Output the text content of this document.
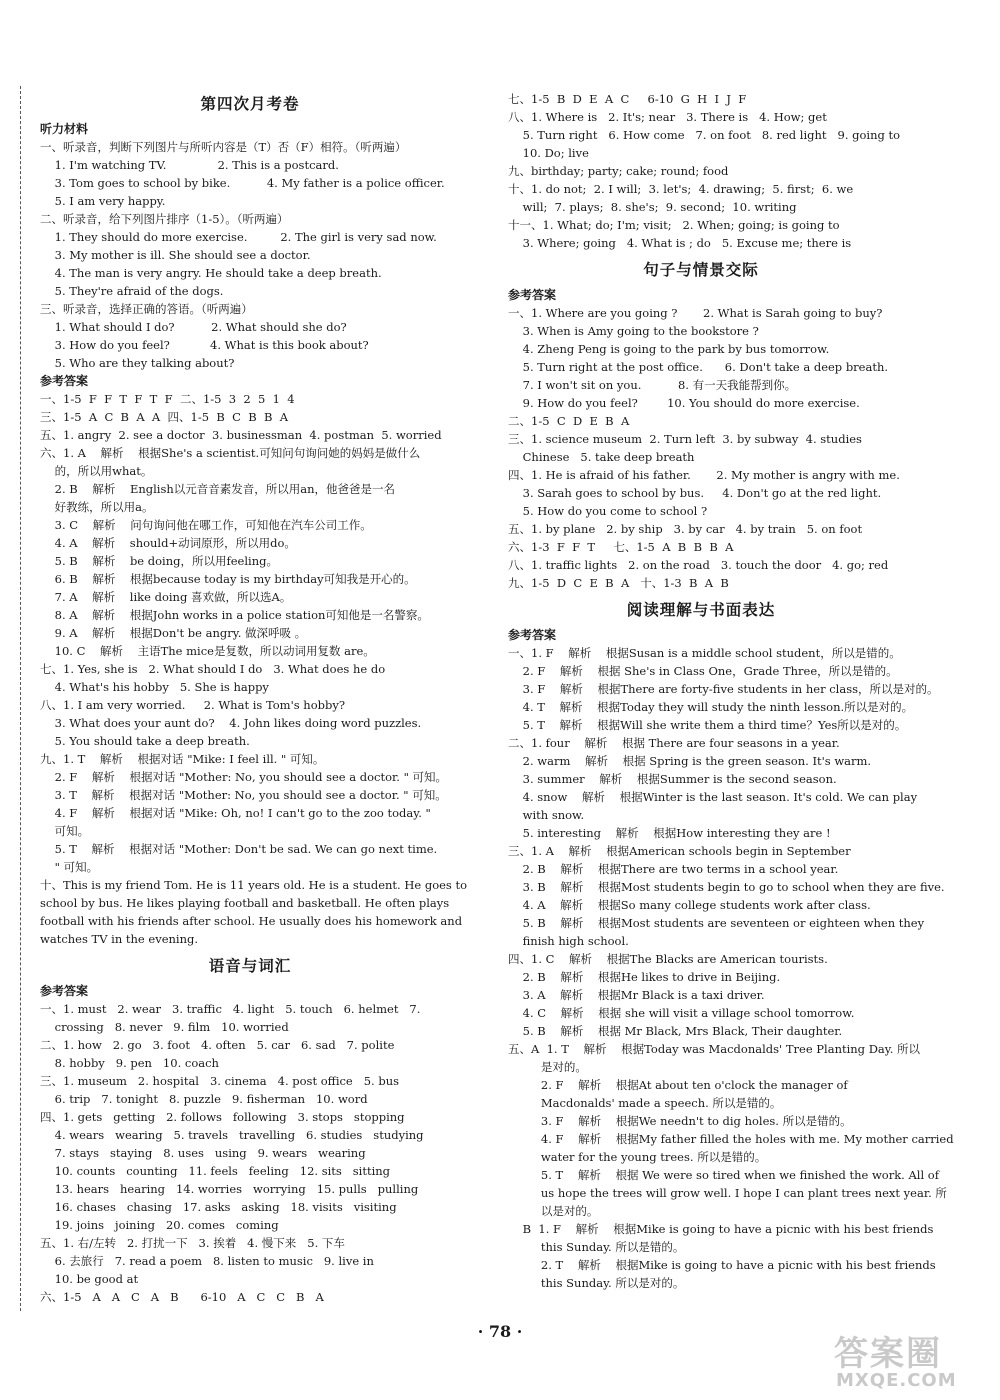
第四次月考卷
听力材料
一、听录音，判断下列图片与所听内容是（T）否（F）相符。（听两遍）
1. I'm watching TV.              2. This is a postcard.
3. Tom goes to school by bike.          4. My father is a police officer.
5. I am very happy.
二、听录音，给下列图片排序（1-5）。（听两遍）
1. They should do more exercise.         2. The girl is very sad now.
3. My mother is ill. She should see a doctor.
4. The man is very angry. He should take a deep breath.
5. They're afraid of the dogs.
三、听录音，选择正确的答语。（听两遍）
1. What should I do?          2. What should she do?
3. How do you feel?           4. What is this book about?
5. Who are they talking about?
参考答案
一、1-5  F  F  T  F  T  F  二、1-5  3  2  5  1  4
三、1-5  A  C  B  A  A  四、1-5  B  C  B  B  A
五、1. angry  2. see a doctor  3. businessman  4. postman  5. worried
六、1. A    解析    根据She's a scientist.可知问句询问她的妈妈是做什么
的，所以用what。
2. B    解析    English以元音音素发音，所以用an，他爸爸是一名
好教练，所以用a。
3. C    解析    问句询问他在哪工作，可知他在汽车公司工作。
4. A    解析    should+动词原形，所以用do。
5. B    解析    be doing，所以用feeling。
6. B    解析    根据because today is my birthday可知我是开心的。
7. A    解析    like doing 喜欢做，所以选A。
8. A    解析    根据John works in a police station可知他是一名警察。
9. A    解析    根据Don't be angry. 做深呼吸 。
10. C    解析    主语The mice是复数，所以动词用复数 are。
七、1. Yes, she is   2. What should I do   3. What does he do
4. What's his hobby   5. She is happy
八、1. I am very worried.     2. What is Tom's hobby?
3. What does your aunt do?    4. John likes doing word puzzles.
5. You should take a deep breath.
九、1. T    解析    根据对话 "Mike: I feel ill. " 可知。
2. F    解析    根据对话 "Mother: No, you should see a doctor. " 可知。
3. T    解析    根据对话 "Mother: No, you should see a doctor. " 可知。
4. F    解析    根据对话 "Mike: Oh, no! I can't go to the zoo today. "
可知。
5. T    解析    根据对话 "Mother: Don't be sad. We can go next time.
" 可知。
十、This is my friend Tom. He is 11 years old. He is a student. He goes to
school by bus. He likes playing football and basketball. He often plays
football with his friends after school. He usually does his homework and
watches TV in the evening.
语音与词汇
参考答案
一、1. must   2. wear   3. traffic   4. light   5. touch   6. helmet   7.
crossing   8. never   9. film   10. worried
二、1. how   2. go   3. foot   4. often   5. car   6. sad   7. polite
8. hobby   9. pen   10. coach
三、1. museum   2. hospital   3. cinema   4. post office   5. bus
6. trip   7. tonight   8. puzzle   9. fisherman   10. word
四、1. gets   getting   2. follows   following   3. stops   stopping
4. wears   wearing   5. travels   travelling   6. studies   studying
7. stays   staying   8. uses   using   9. wears   wearing
10. counts   counting   11. feels   feeling   12. sits   sitting
13. hears   hearing   14. worries   worrying   15. pulls   pulling
16. chases   chasing   17. asks   asking   18. visits   visiting
19. joins   joining   20. comes   coming
五、1. 右/左转   2. 打扰一下   3. 挨着   4. 慢下来   5. 下车
6. 去旅行   7. read a poem   8. listen to music   9. live in
10. be good at
六、1-5   A   A   C   A   B      6-10   A   C   C   B   A
七、1-5  B  D  E  A  C     6-10  G  H  I  J  F
八、1. Where is   2. It's; near   3. There is   4. How; get
5. Turn right   6. How come   7. on foot   8. red light   9. going to
10. Do; live
九、birthday; party; cake; round; food
十、1. do not;  2. I will;  3. let's;  4. drawing;  5. first;  6. we
will;  7. plays;  8. she's;  9. second;  10. writing
十一、1. What; do; I'm; visit;   2. When; going; is going to
3. Where; going   4. What is ; do   5. Excuse me; there is
句子与情景交际
参考答案
一、1. Where are you going ?       2. What is Sarah going to buy?
3. When is Amy going to the bookstore ?
4. Zheng Peng is going to the park by bus tomorrow.
5. Turn right at the post office.      6. Don't take a deep breath.
7. I won't sit on you.          8. 有一天我能帮到你。
9. How do you feel?        10. You should do more exercise.
二、1-5  C  D  E  B  A
三、1. science museum  2. Turn left  3. by subway  4. studies
Chinese   5. take deep breath
四、1. He is afraid of his father.       2. My mother is angry with me.
3. Sarah goes to school by bus.     4. Don't go at the red light.
5. How do you come to school ?
五、1. by plane   2. by ship   3. by car   4. by train   5. on foot
六、1-3  F  F  T     七、1-5  A  B  B  B  A
八、1. traffic lights   2. on the road   3. touch the door   4. go; red
九、1-5  D  C  E  B  A   十、1-3  B  A  B
阅读理解与书面表达
参考答案
一、1. F    解析    根据Susan is a middle school student，所以是错的。
2. F    解析    根据 She's in Class One，Grade Three，所以是错的。
3. F    解析    根据There are forty-five students in her class，所以是对的。
4. T    解析    根据Today they will study the ninth lesson.所以是对的。
5. T    解析    根据Will she write them a third time？Yes所以是对的。
二、1. four    解析    根据 There are four seasons in a year.
2. warm    解析    根据 Spring is the green season. It's warm.
3. summer    解析    根据Summer is the second season.
4. snow    解析    根据Winter is the last season. It's cold. We can play
with snow.
5. interesting    解析    根据How interesting they are !
三、1. A    解析    根据American schools begin in September
2. B    解析    根据There are two terms in a school year.
3. B    解析    根据Most students begin to go to school when they are five.
4. A    解析    根据So many college students work after class.
5. B    解析    根据Most students are seventeen or eighteen when they
finish high school.
四、1. C    解析    根据The Blacks are American tourists.
2. B    解析    根据He likes to drive in Beijing.
3. A    解析    根据Mr Black is a taxi driver.
4. C    解析    根据 she will visit a village school tomorrow.
5. B    解析    根据 Mr Black, Mrs Black, Their daughter.
五、A  1. T    解析    根据Today was Macdonalds' Tree Planting Day. 所以
是对的。
2. F    解析    根据At about ten o'clock the manager of
Macdonalds' made a speech. 所以是错的。
3. F    解析    根据We needn't to dig holes. 所以是错的。
4. F    解析    根据My father filled the holes with me. My mother carried
water for the young trees. 所以是错的。
5. T    解析    根据 We were so tired when we finished the work. All of
us hope the trees will grow well. I hope I can plant trees next year. 所
以是对的。
B  1. F    解析    根据Mike is going to have a picnic with his best friends
this Sunday. 所以是错的。
2. T    解析    根据Mike is going to have a picnic with his best friends
this Sunday. 所以是对的。
· 78 ·
答案圈
MXQE.COM
